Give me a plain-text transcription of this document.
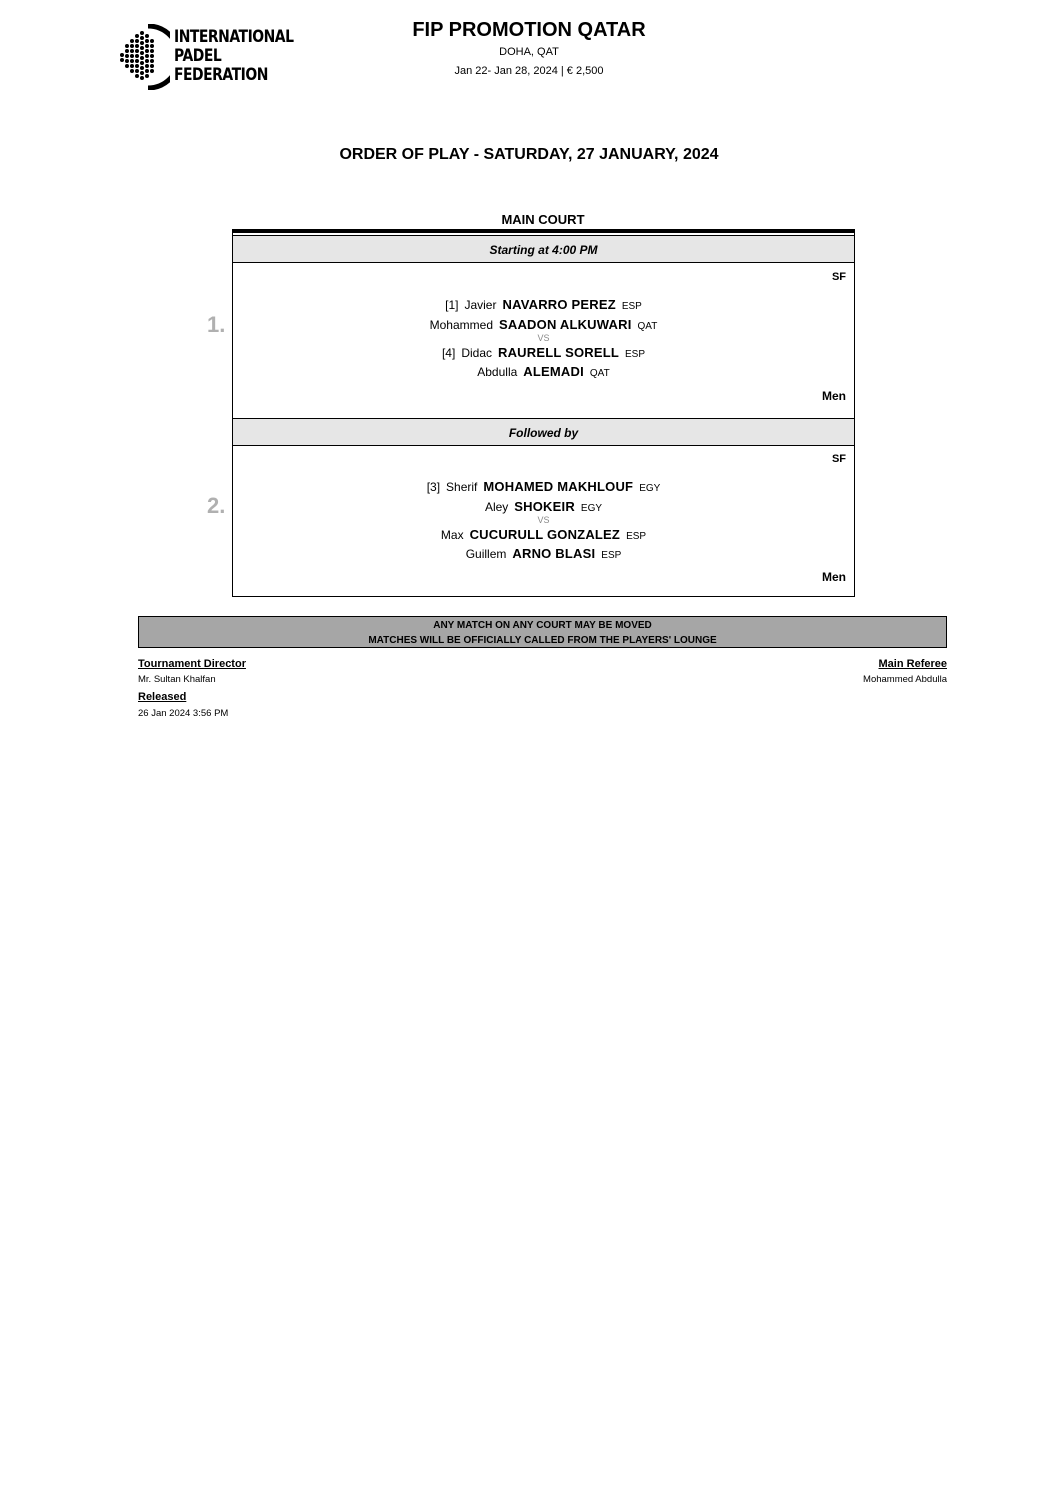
INTERNATIONAL
PADEL
FEDERATION
FIP PROMOTION QATAR
DOHA, QAT
Jan 22- Jan 28, 2024 | € 2,500
ORDER OF PLAY - SATURDAY, 27 JANUARY, 2024
MAIN COURT
1.
2.
Starting at 4:00 PM
SF
[1] Javier NAVARRO PEREZ ESP
Mohammed SAADON ALKUWARI QAT
VS
[4] Didac RAURELL SORELL ESP
Abdulla ALEMADI QAT
Men
Followed by
SF
[3] Sherif MOHAMED MAKHLOUF EGY
Aley SHOKEIR EGY
VS
Max CUCURULL GONZALEZ ESP
Guillem ARNO BLASI ESP
Men
ANY MATCH ON ANY COURT MAY BE MOVED
MATCHES WILL BE OFFICIALLY CALLED FROM THE PLAYERS' LOUNGE
Tournament Director
Mr. Sultan Khalfan
Released
26 Jan 2024 3:56 PM
Main Referee
Mohammed Abdulla
